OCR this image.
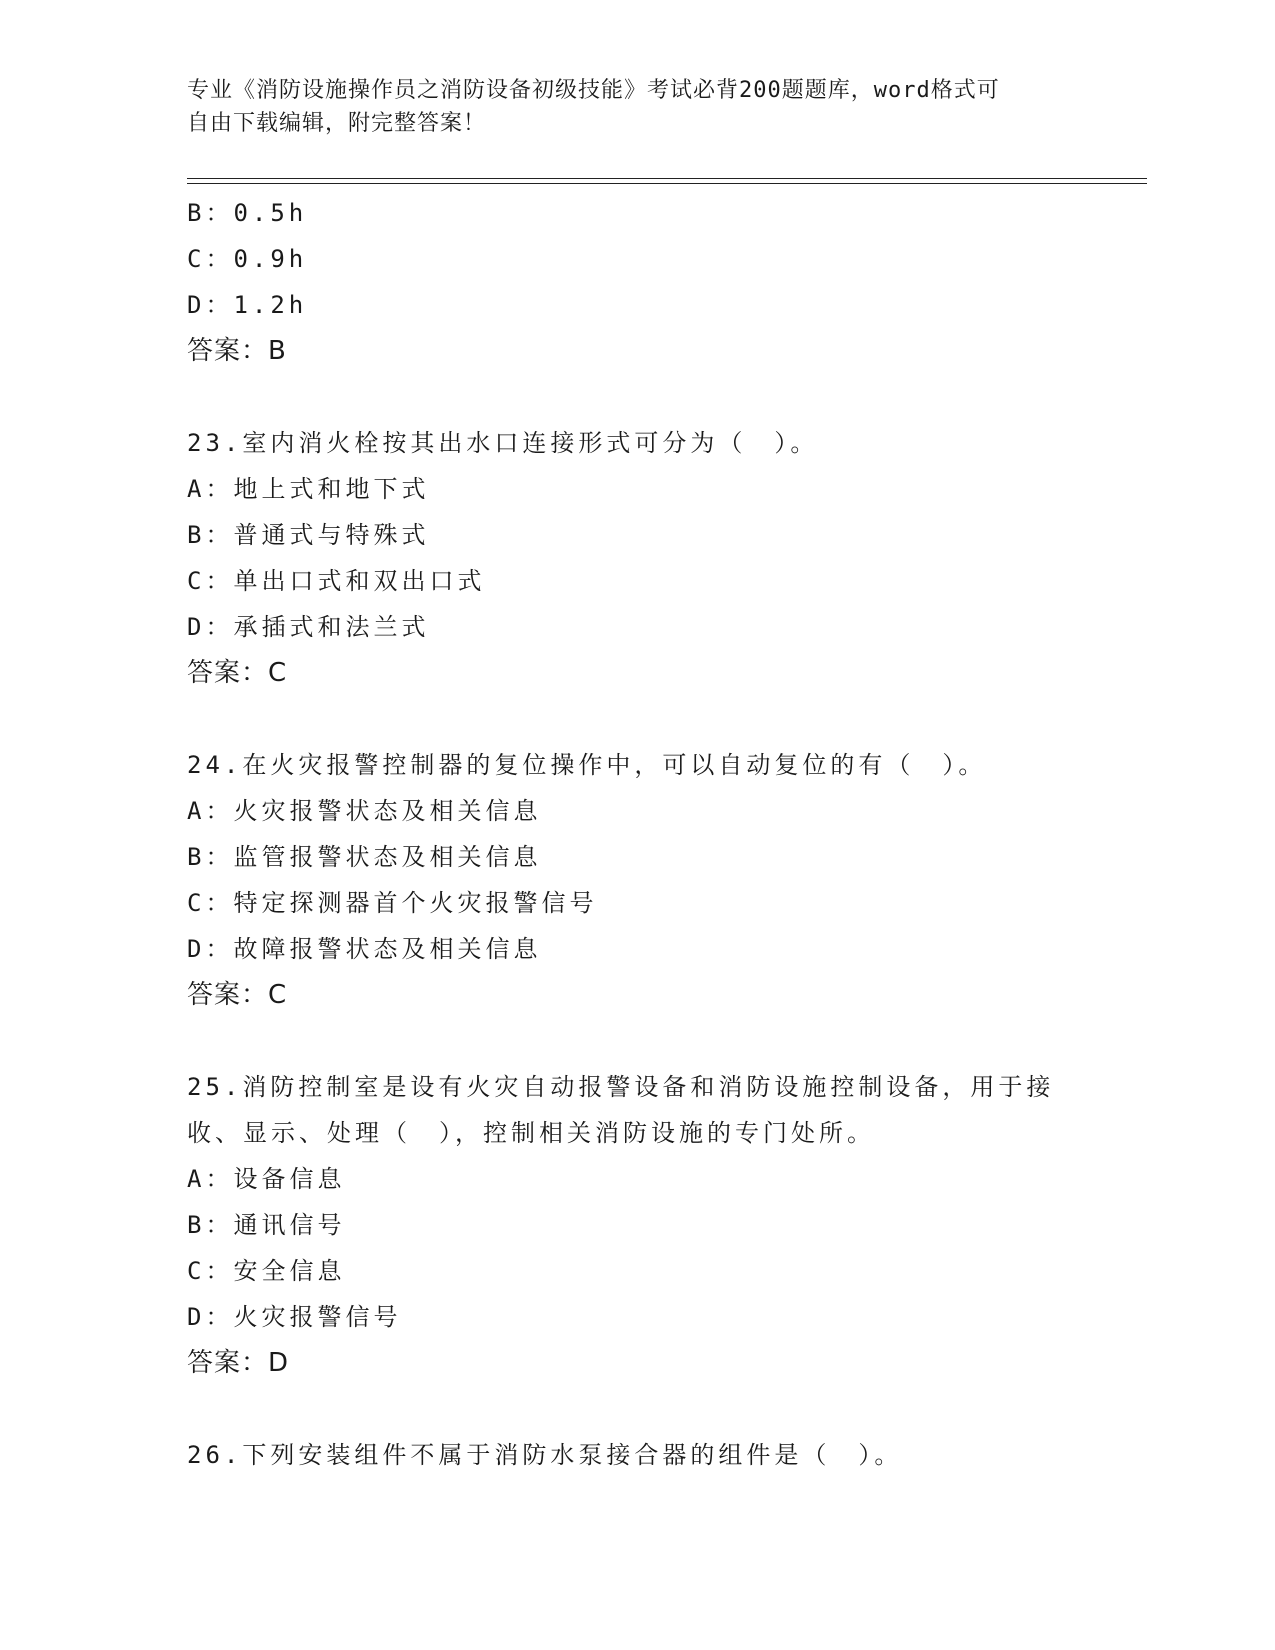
专业《消防设施操作员之消防设备初级技能》考试必背200题题库，word格式可
自由下载编辑，附完整答案！
B：0.5h
C：0.9h
D：1.2h
答案：B
23.室内消火栓按其出水口连接形式可分为（　）。
A：地上式和地下式
B：普通式与特殊式
C：单出口式和双出口式
D：承插式和法兰式
答案：C
24.在火灾报警控制器的复位操作中，可以自动复位的有（　）。
A：火灾报警状态及相关信息
B：监管报警状态及相关信息
C：特定探测器首个火灾报警信号
D：故障报警状态及相关信息
答案：C
25.消防控制室是设有火灾自动报警设备和消防设施控制设备，用于接收、显示、处理（　），控制相关消防设施的专门处所。
A：设备信息
B：通讯信号
C：安全信息
D：火灾报警信号
答案：D
26.下列安装组件不属于消防水泵接合器的组件是（　）。
